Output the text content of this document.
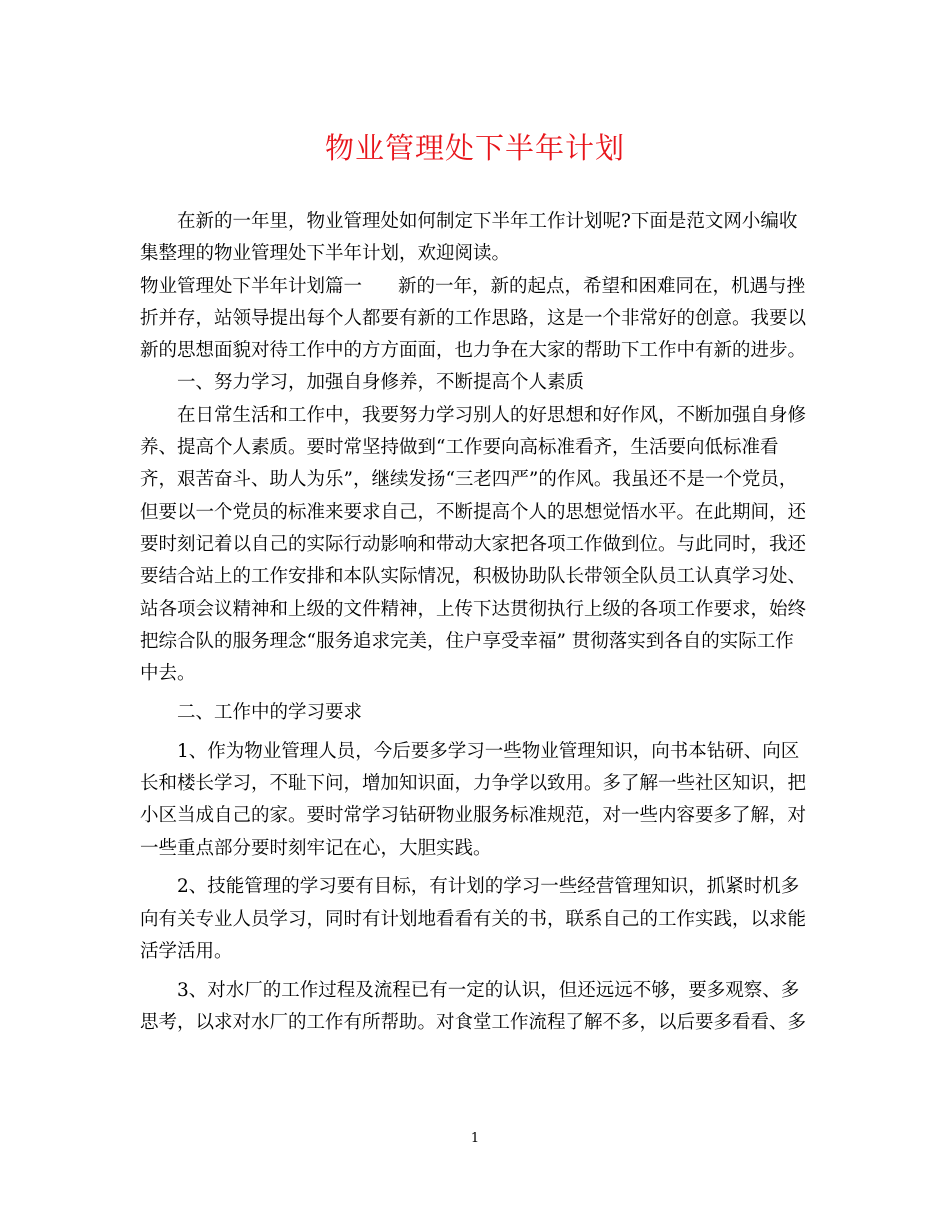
物业管理处下半年计划

在新的一年里，物业管理处如何制定下半年工作计划呢?下面是范文网小编收

集整理的物业管理处下半年计划，欢迎阅读。

物业管理处下半年计划篇一 新的一年，新的起点，希望和困难同在，机遇与挫

折并存，站领导提出每个人都要有新的工作思路，这是一个非常好的创意。我要以

新的思想面貌对待工作中的方方面面，也力争在大家的帮助下工作中有新的进步。

一、努力学习，加强自身修养，不断提高个人素质

在日常生活和工作中，我要努力学习别人的好思想和好作风，不断加强自身修

养、提高个人素质。要时常坚持做到“工作要向高标准看齐，生活要向低标准看

齐，艰苦奋斗、助人为乐”，继续发扬“三老四严”的作风。我虽还不是一个党员，

但要以一个党员的标准来要求自己，不断提高个人的思想觉悟水平。在此期间，还

要时刻记着以自己的实际行动影响和带动大家把各项工作做到位。与此同时，我还

要结合站上的工作安排和本队实际情况，积极协助队长带领全队员工认真学习处、

站各项会议精神和上级的文件精神，上传下达贯彻执行上级的各项工作要求，始终

把综合队的服务理念“服务追求完美，住户享受幸福” 贯彻落实到各自的实际工作

中去。

二、工作中的学习要求

1、作为物业管理人员，今后要多学习一些物业管理知识，向书本钻研、向区

长和楼长学习，不耻下问，增加知识面，力争学以致用。多了解一些社区知识，把

小区当成自己的家。要时常学习钻研物业服务标准规范，对一些内容要多了解，对

一些重点部分要时刻牢记在心，大胆实践。

2、技能管理的学习要有目标，有计划的学习一些经营管理知识，抓紧时机多

向有关专业人员学习，同时有计划地看看有关的书，联系自己的工作实践，以求能

活学活用。

3、对水厂的工作过程及流程已有一定的认识，但还远远不够，要多观察、多

思考，以求对水厂的工作有所帮助。对食堂工作流程了解不多，以后要多看看、多

1
